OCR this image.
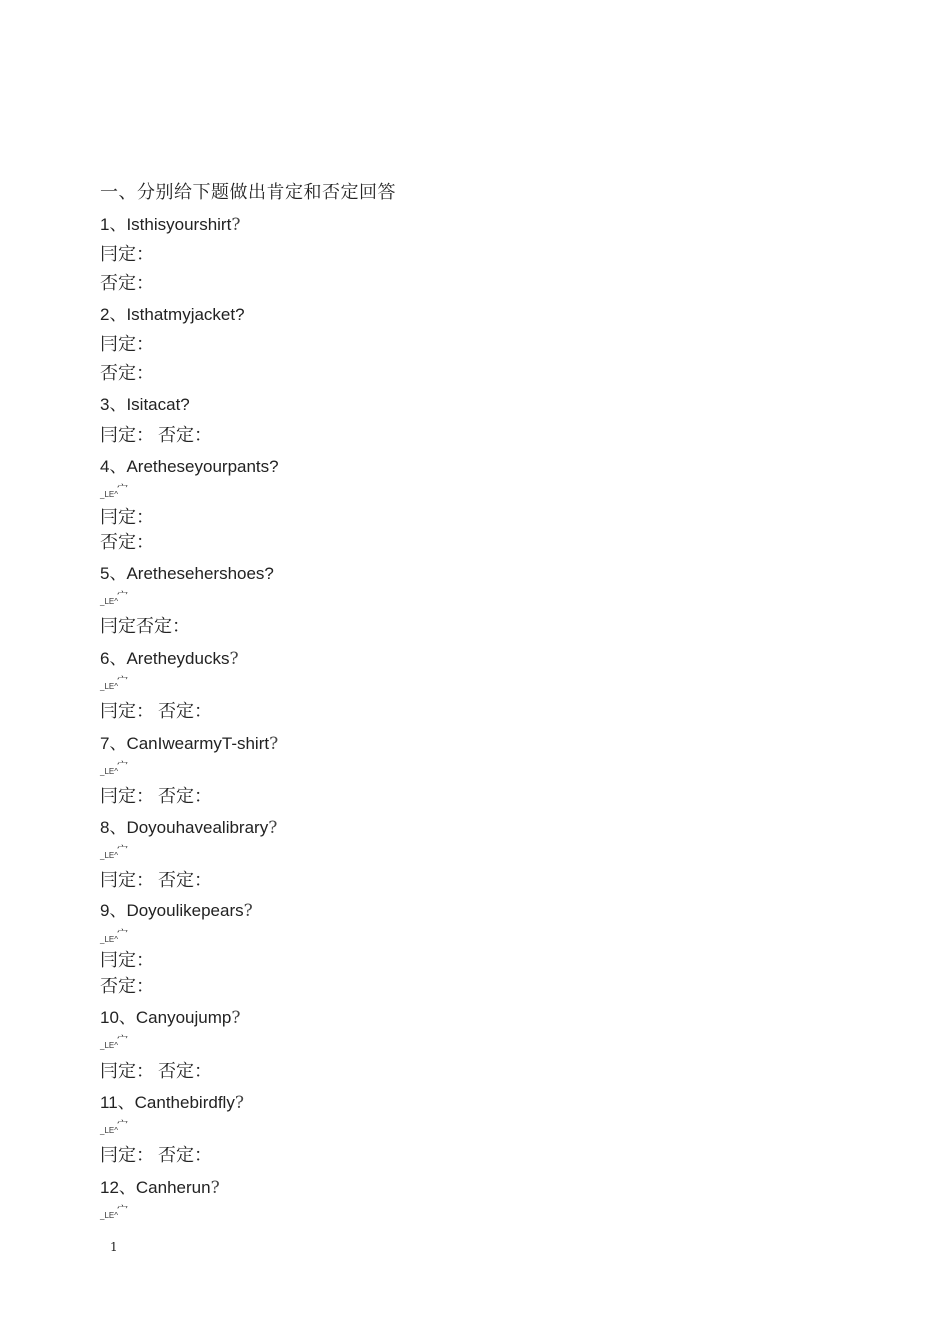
一、分别给下题做出肯定和否定回答
1、Isthisyourshirt?
冃定：
否定：
2、Isthatmyjacket?
冃定：
否定：
3、Isitacat?
冃定： 否定：
4、Aretheseyourpants?
_LE^ 宀
冃定：
否定：
5、Arethesehershoes?
_LE^ 宀
冃定否定：
6、Aretheyducks?
_LE^ 宀
冃定： 否定：
7、CanIwearmyT-shirt?
_LE^ 宀
冃定： 否定：
8、Doyouhavealibrary?
_LE^ 宀
冃定： 否定：
9、Doyoulikepears?
_LE^ 宀
冃定：
否定：
10、Canyoujump?
_LE^ 宀
冃定： 否定：
11、Canthebirdfly?
_LE^ 宀
冃定： 否定：
12、Canherun?
_LE^ 宀
1
